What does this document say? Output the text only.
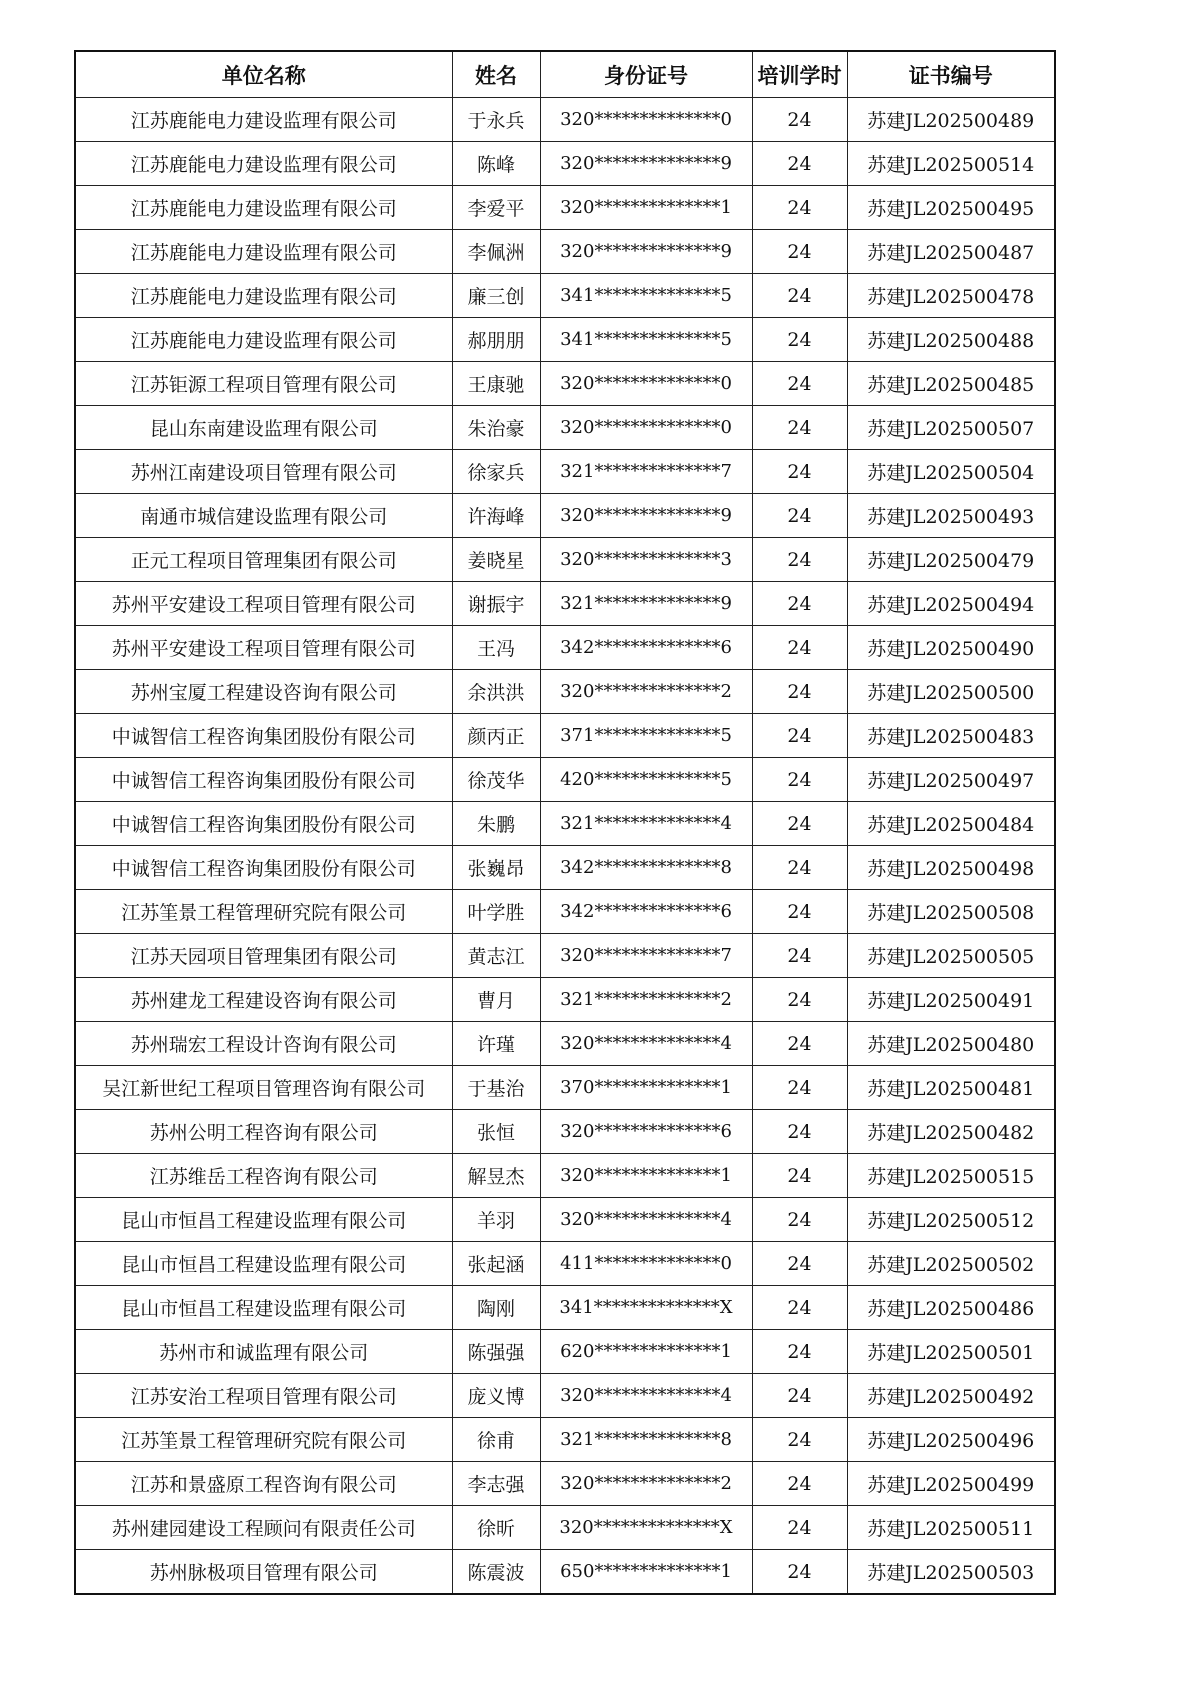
单位名称	姓名	身份证号	培训学时	证书编号
江苏鹿能电力建设监理有限公司	于永兵	320**************0	24	苏建JL202500489
江苏鹿能电力建设监理有限公司	陈峰	320**************9	24	苏建JL202500514
江苏鹿能电力建设监理有限公司	李爱平	320**************1	24	苏建JL202500495
江苏鹿能电力建设监理有限公司	李佩洲	320**************9	24	苏建JL202500487
江苏鹿能电力建设监理有限公司	廉三创	341**************5	24	苏建JL202500478
江苏鹿能电力建设监理有限公司	郝朋朋	341**************5	24	苏建JL202500488
江苏钜源工程项目管理有限公司	王康驰	320**************0	24	苏建JL202500485
昆山东南建设监理有限公司	朱治豪	320**************0	24	苏建JL202500507
苏州江南建设项目管理有限公司	徐家兵	321**************7	24	苏建JL202500504
南通市城信建设监理有限公司	许海峰	320**************9	24	苏建JL202500493
正元工程项目管理集团有限公司	姜晓星	320**************3	24	苏建JL202500479
苏州平安建设工程项目管理有限公司	谢振宇	321**************9	24	苏建JL202500494
苏州平安建设工程项目管理有限公司	王冯	342**************6	24	苏建JL202500490
苏州宝厦工程建设咨询有限公司	余洪洪	320**************2	24	苏建JL202500500
中诚智信工程咨询集团股份有限公司	颜丙正	371**************5	24	苏建JL202500483
中诚智信工程咨询集团股份有限公司	徐茂华	420**************5	24	苏建JL202500497
中诚智信工程咨询集团股份有限公司	朱鹏	321**************4	24	苏建JL202500484
中诚智信工程咨询集团股份有限公司	张巍昂	342**************8	24	苏建JL202500498
江苏筀景工程管理研究院有限公司	叶学胜	342**************6	24	苏建JL202500508
江苏天园项目管理集团有限公司	黄志江	320**************7	24	苏建JL202500505
苏州建龙工程建设咨询有限公司	曹月	321**************2	24	苏建JL202500491
苏州瑞宏工程设计咨询有限公司	许瑾	320**************4	24	苏建JL202500480
吴江新世纪工程项目管理咨询有限公司	于基治	370**************1	24	苏建JL202500481
苏州公明工程咨询有限公司	张恒	320**************6	24	苏建JL202500482
江苏维岳工程咨询有限公司	解昱杰	320**************1	24	苏建JL202500515
昆山市恒昌工程建设监理有限公司	羊羽	320**************4	24	苏建JL202500512
昆山市恒昌工程建设监理有限公司	张起涵	411**************0	24	苏建JL202500502
昆山市恒昌工程建设监理有限公司	陶刚	341**************X	24	苏建JL202500486
苏州市和诚监理有限公司	陈强强	620**************1	24	苏建JL202500501
江苏安治工程项目管理有限公司	庞义博	320**************4	24	苏建JL202500492
江苏筀景工程管理研究院有限公司	徐甫	321**************8	24	苏建JL202500496
江苏和景盛原工程咨询有限公司	李志强	320**************2	24	苏建JL202500499
苏州建园建设工程顾问有限责任公司	徐昕	320**************X	24	苏建JL202500511
苏州脉极项目管理有限公司	陈震波	650**************1	24	苏建JL202500503
